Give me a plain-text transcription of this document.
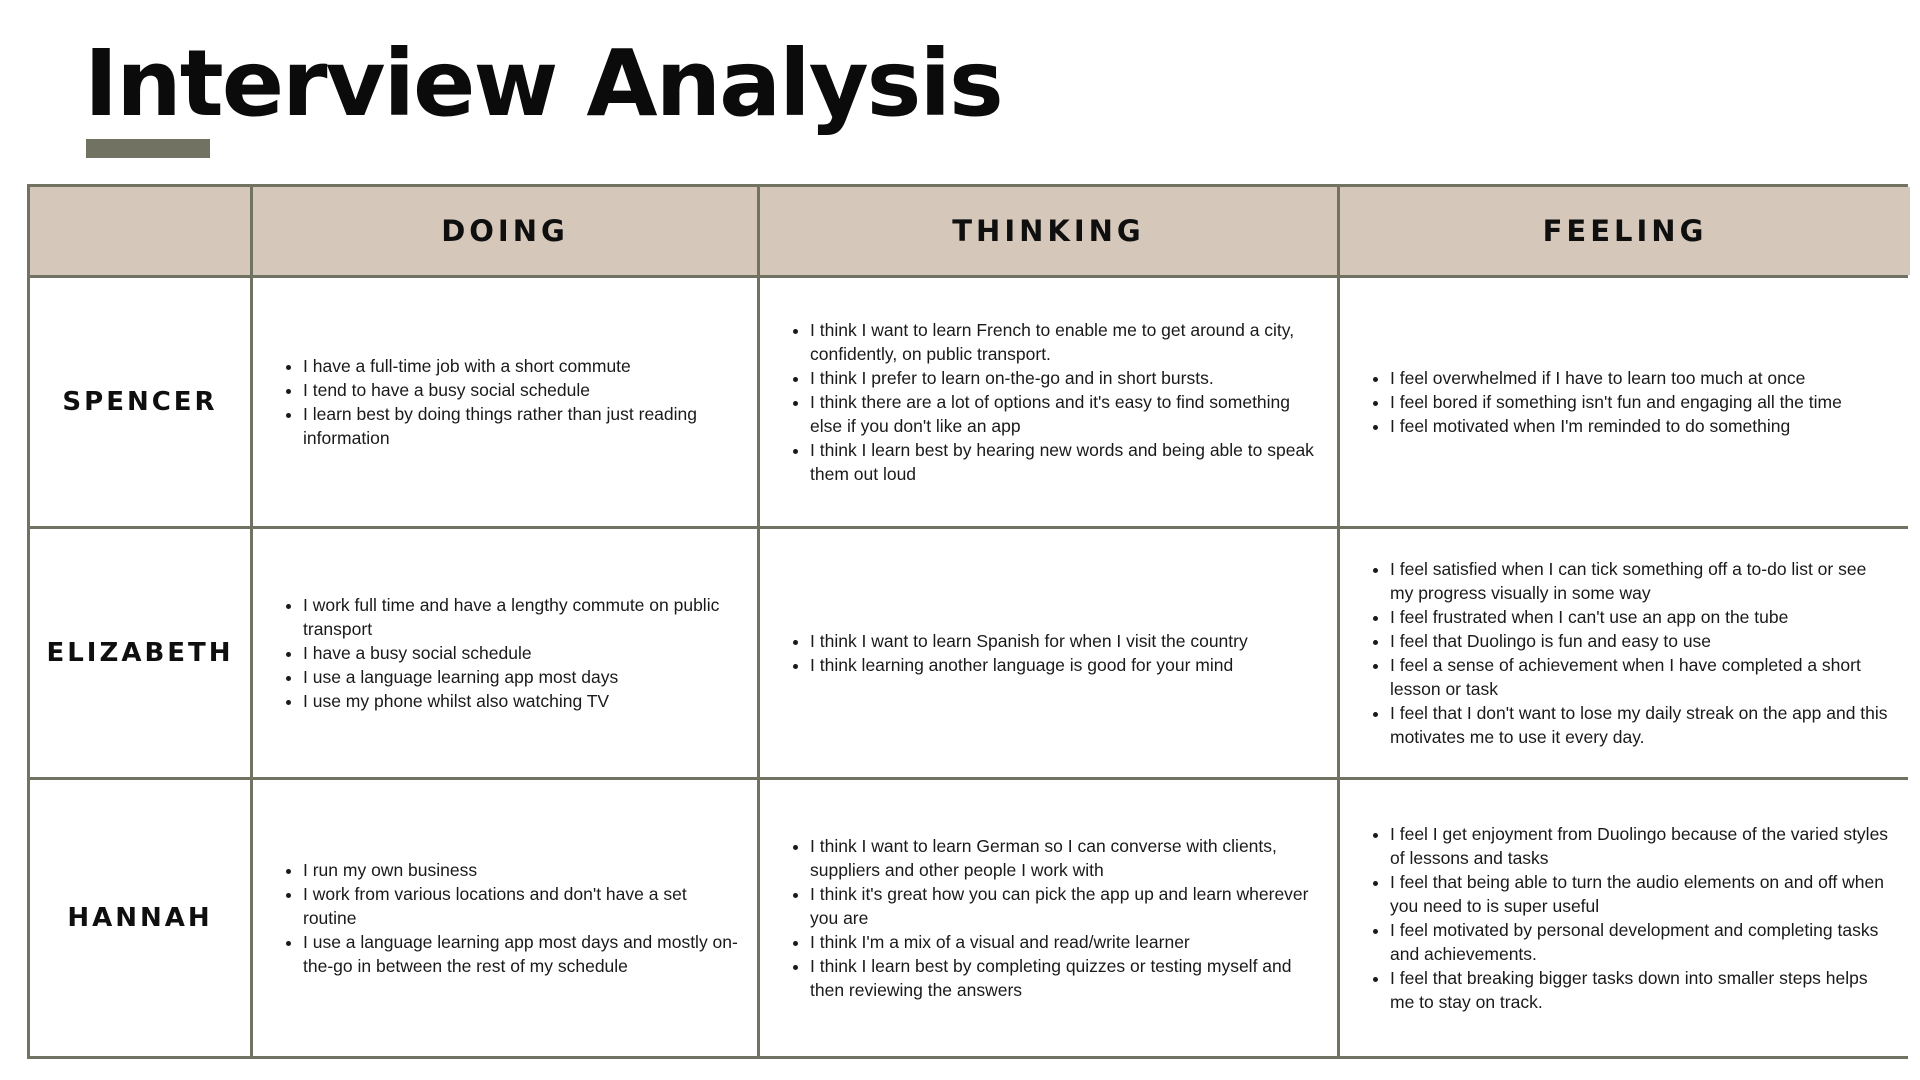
Interview Analysis
DOING	THINKING	FEELING
SPENCER
• I have a full-time job with a short commute
• I tend to have a busy social schedule
• I learn best by doing things rather than just reading information
• I think I want to learn French to enable me to get around a city, confidently, on public transport.
• I think I prefer to learn on-the-go and in short bursts.
• I think there are a lot of options and it's easy to find something else if you don't like an app
• I think I learn best by hearing new words and being able to speak them out loud
• I feel overwhelmed if I have to learn too much at once
• I feel bored if something isn't fun and engaging all the time
• I feel motivated when I'm reminded to do something
ELIZABETH
• I work full time and have a lengthy commute on public transport
• I have a busy social schedule
• I use a language learning app most days
• I use my phone whilst also watching TV
• I think I want to learn Spanish for when I visit the country
• I think learning another language is good for your mind
• I feel satisfied when I can tick something off a to-do list or see my progress visually in some way
• I feel frustrated when I can't use an app on the tube
• I feel that Duolingo is fun and easy to use
• I feel a sense of achievement when I have completed a short lesson or task
• I feel that I don't want to lose my daily streak on the app and this motivates me to use it every day.
HANNAH
• I run my own business
• I work from various locations and don't have a set routine
• I use a language learning app most days and mostly on-the-go in between the rest of my schedule
• I think I want to learn German so I can converse with clients, suppliers and other people I work with
• I think it's great how you can pick the app up and learn wherever you are
• I think I'm a mix of a visual and read/write learner
• I think I learn best by completing quizzes or testing myself and then reviewing the answers
• I feel I get enjoyment from Duolingo because of the varied styles of lessons and tasks
• I feel that being able to turn the audio elements on and off when you need to is super useful
• I feel motivated by personal development and completing tasks and achievements.
• I feel that breaking bigger tasks down into smaller steps helps me to stay on track.
